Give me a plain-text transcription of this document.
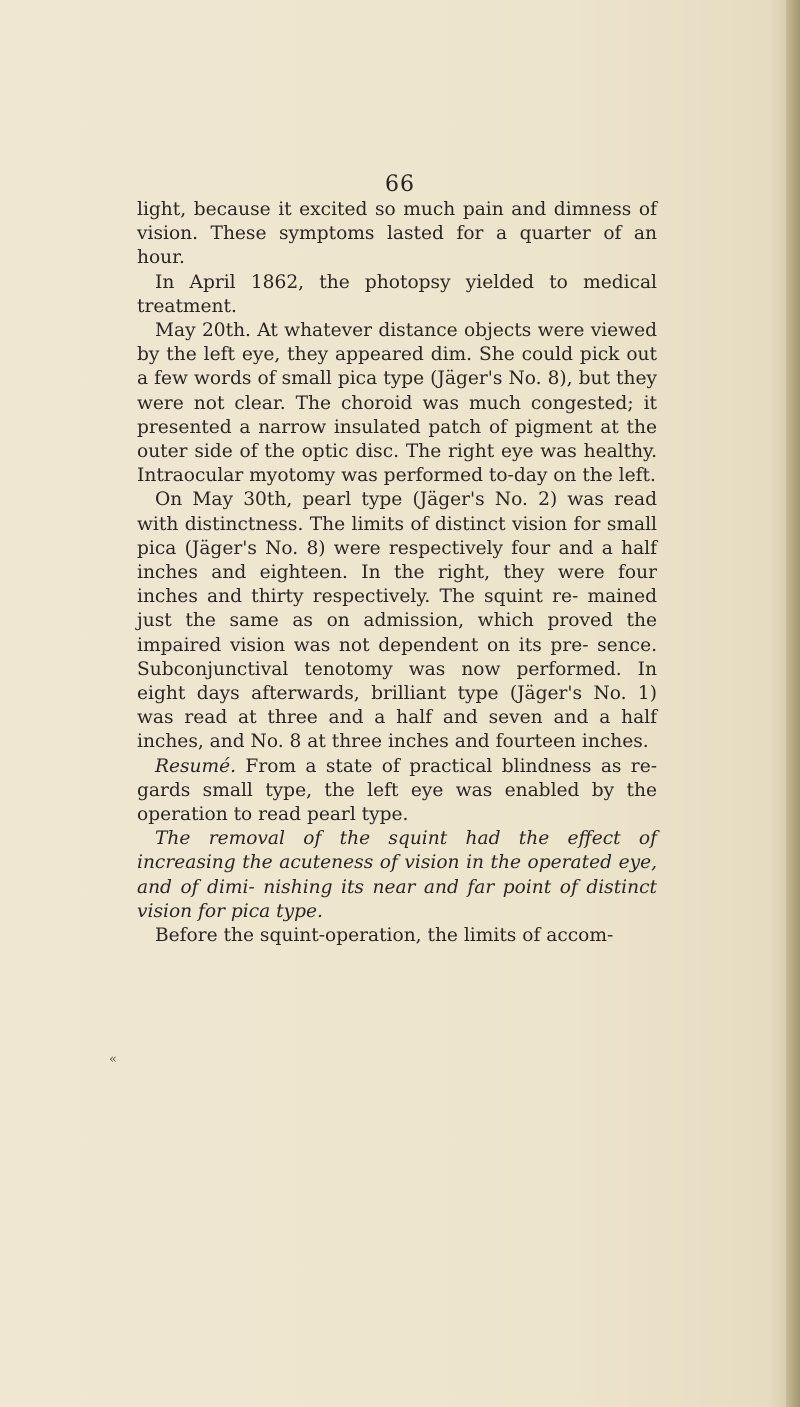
66

light, because it excited so much pain and dimness of vision. These symptoms lasted for a quarter of an hour.

In April 1862, the photopsy yielded to medical treatment.

May 20th. At whatever distance objects were viewed by the left eye, they appeared dim. She could pick out a few words of small pica type (Jäger's No. 8), but they were not clear. The choroid was much congested; it presented a narrow insulated patch of pigment at the outer side of the optic disc. The right eye was healthy. Intraocular myotomy was performed to-day on the left.

On May 30th, pearl type (Jäger's No. 2) was read with distinctness. The limits of distinct vision for small pica (Jäger's No. 8) were respectively four and a half inches and eighteen. In the right, they were four inches and thirty respectively. The squint re- mained just the same as on admission, which proved the impaired vision was not dependent on its pre- sence. Subconjunctival tenotomy was now performed. In eight days afterwards, brilliant type (Jäger's No. 1) was read at three and a half and seven and a half inches, and No. 8 at three inches and fourteen inches.

Resumé. From a state of practical blindness as re- gards small type, the left eye was enabled by the operation to read pearl type.

The removal of the squint had the effect of increasing the acuteness of vision in the operated eye, and of dimi- nishing its near and far point of distinct vision for pica type.

Before the squint-operation, the limits of accom-

«
